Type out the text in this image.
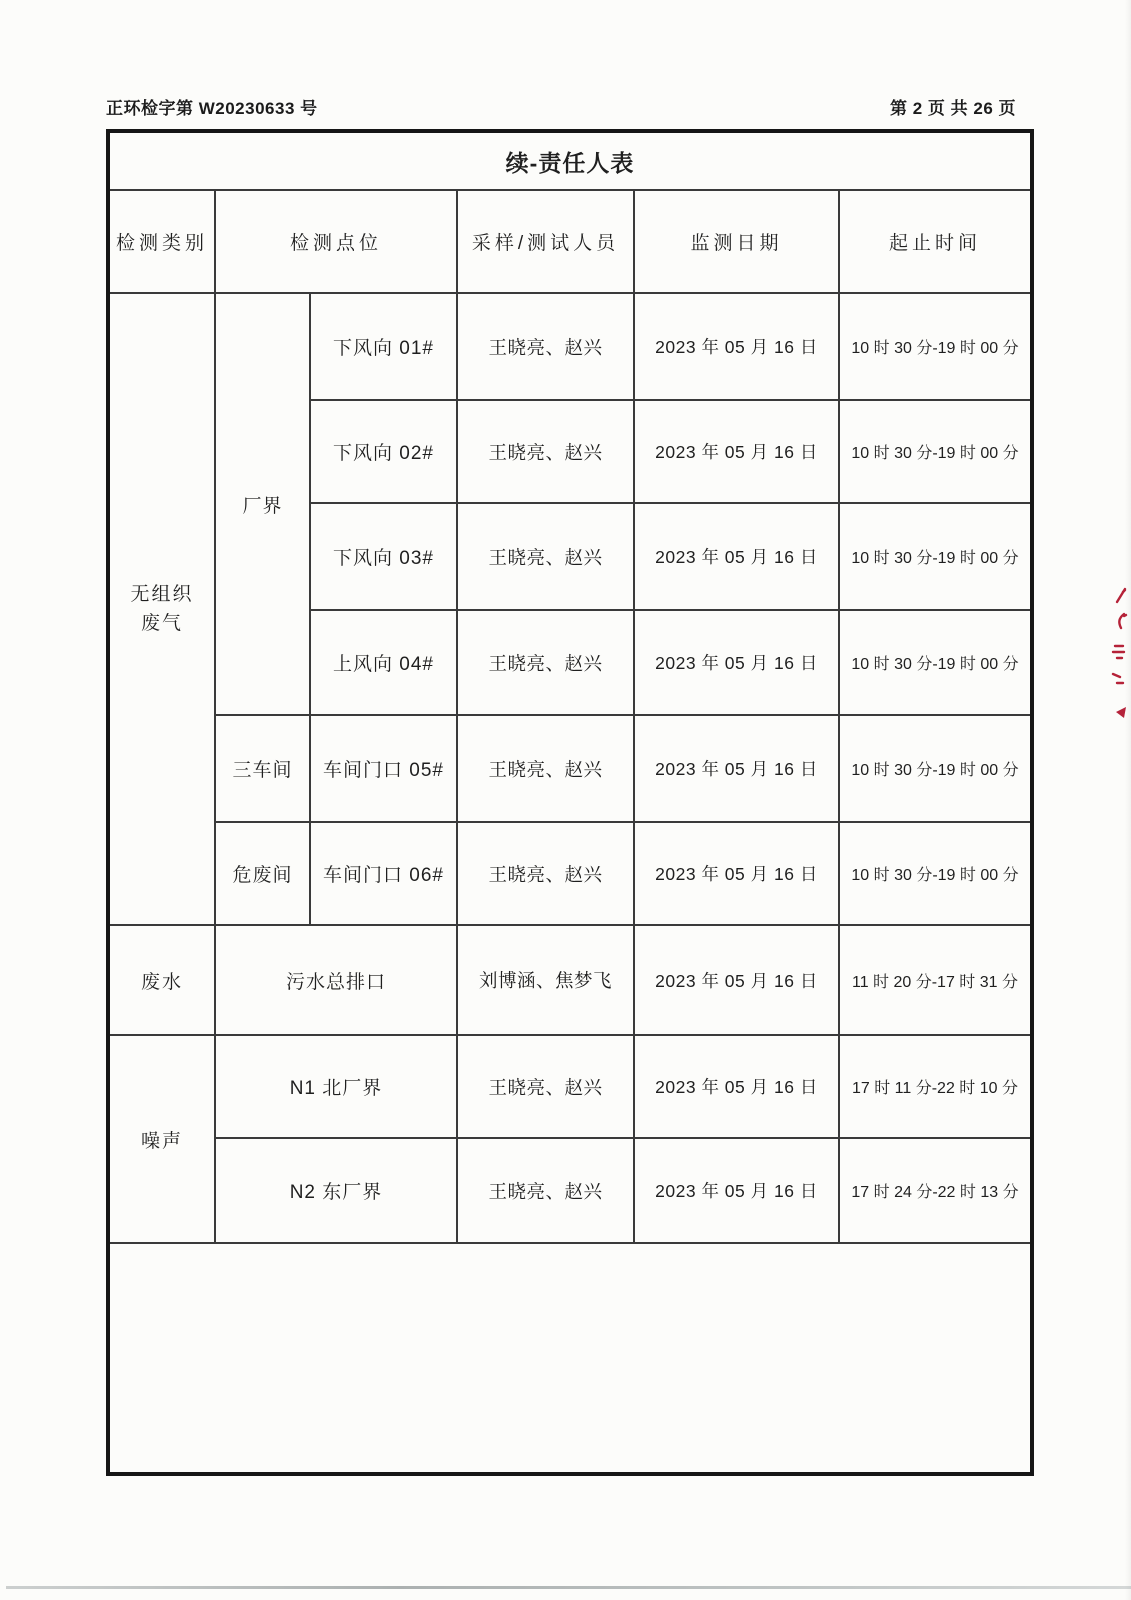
正环检字第 W20230633 号	第 2 页 共 26 页
续-责任人表					
检测类别	检测点位		采样/测试人员	监测日期	起止时间

无组织
废气	厂界	下风向 01#	王晓亮、赵兴	2023 年 05 月 16 日	10 时 30 分-19 时 00 分
		下风向 02#	王晓亮、赵兴	2023 年 05 月 16 日	10 时 30 分-19 时 00 分
		下风向 03#	王晓亮、赵兴	2023 年 05 月 16 日	10 时 30 分-19 时 00 分
		上风向 04#	王晓亮、赵兴	2023 年 05 月 16 日	10 时 30 分-19 时 00 分
	三车间	车间门口 05#	王晓亮、赵兴	2023 年 05 月 16 日	10 时 30 分-19 时 00 分
	危废间	车间门口 06#	王晓亮、赵兴	2023 年 05 月 16 日	10 时 30 分-19 时 00 分
废水	污水总排口		刘博涵、焦梦飞	2023 年 05 月 16 日	11 时 20 分-17 时 31 分
噪声	N1 北厂界		王晓亮、赵兴	2023 年 05 月 16 日	17 时 11 分-22 时 10 分
	N2 东厂界		王晓亮、赵兴	2023 年 05 月 16 日	17 时 24 分-22 时 13 分
